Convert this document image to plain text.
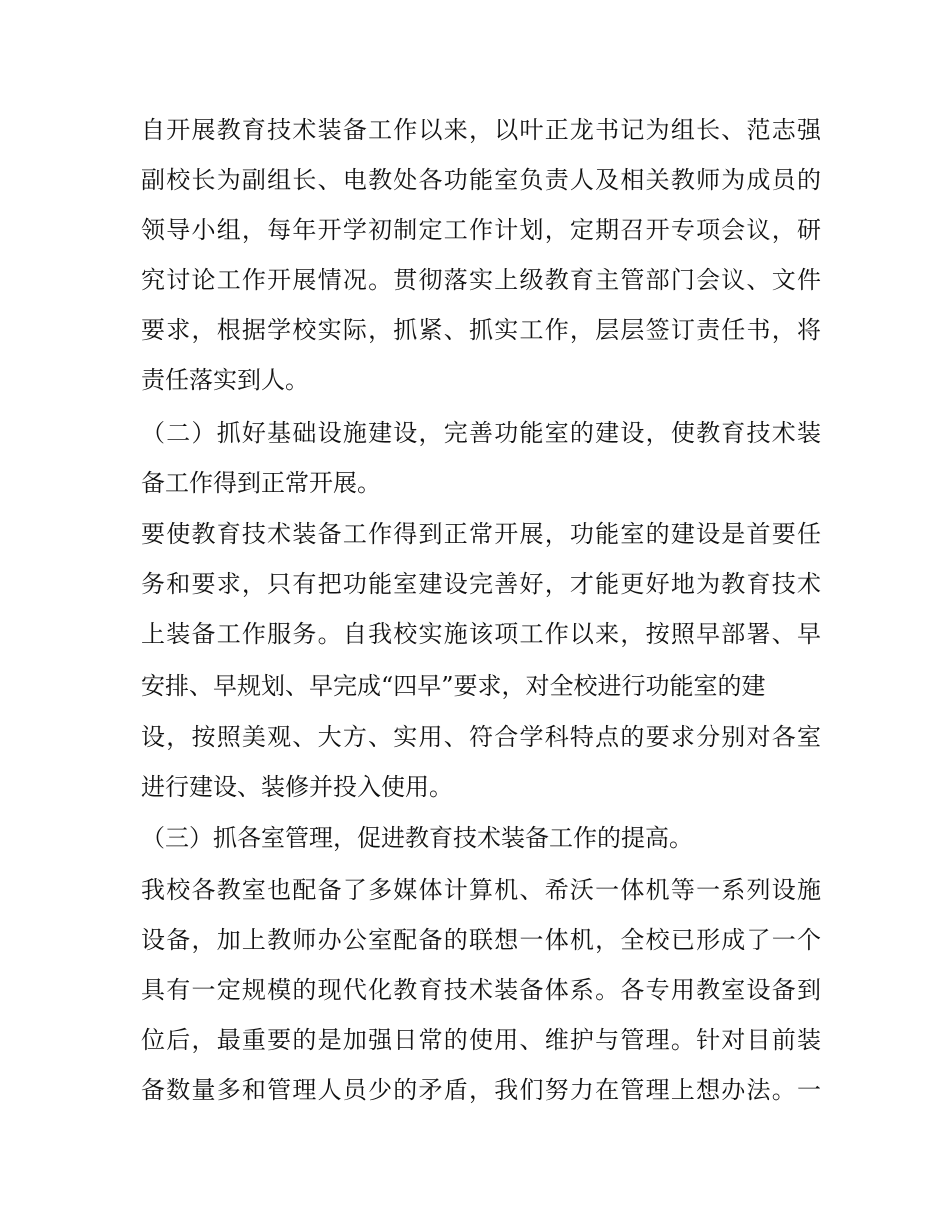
自开展教育技术装备工作以来，以叶正龙书记为组长、范志强
副校长为副组长、电教处各功能室负责人及相关教师为成员的
领导小组，每年开学初制定工作计划，定期召开专项会议，研
究讨论工作开展情况。贯彻落实上级教育主管部门会议、文件
要求，根据学校实际，抓紧、抓实工作，层层签订责任书，将
责任落实到人。
（二）抓好基础设施建设，完善功能室的建设，使教育技术装
备工作得到正常开展。
要使教育技术装备工作得到正常开展，功能室的建设是首要任
务和要求，只有把功能室建设完善好，才能更好地为教育技术
上装备工作服务。自我校实施该项工作以来，按照早部署、早
安排、早规划、早完成“四早”要求，对全校进行功能室的建
设，按照美观、大方、实用、符合学科特点的要求分别对各室
进行建设、装修并投入使用。
（三）抓各室管理，促进教育技术装备工作的提高。
我校各教室也配备了多媒体计算机、希沃一体机等一系列设施
设备，加上教师办公室配备的联想一体机，全校已形成了一个
具有一定规模的现代化教育技术装备体系。各专用教室设备到
位后，最重要的是加强日常的使用、维护与管理。针对目前装
备数量多和管理人员少的矛盾，我们努力在管理上想办法。一
